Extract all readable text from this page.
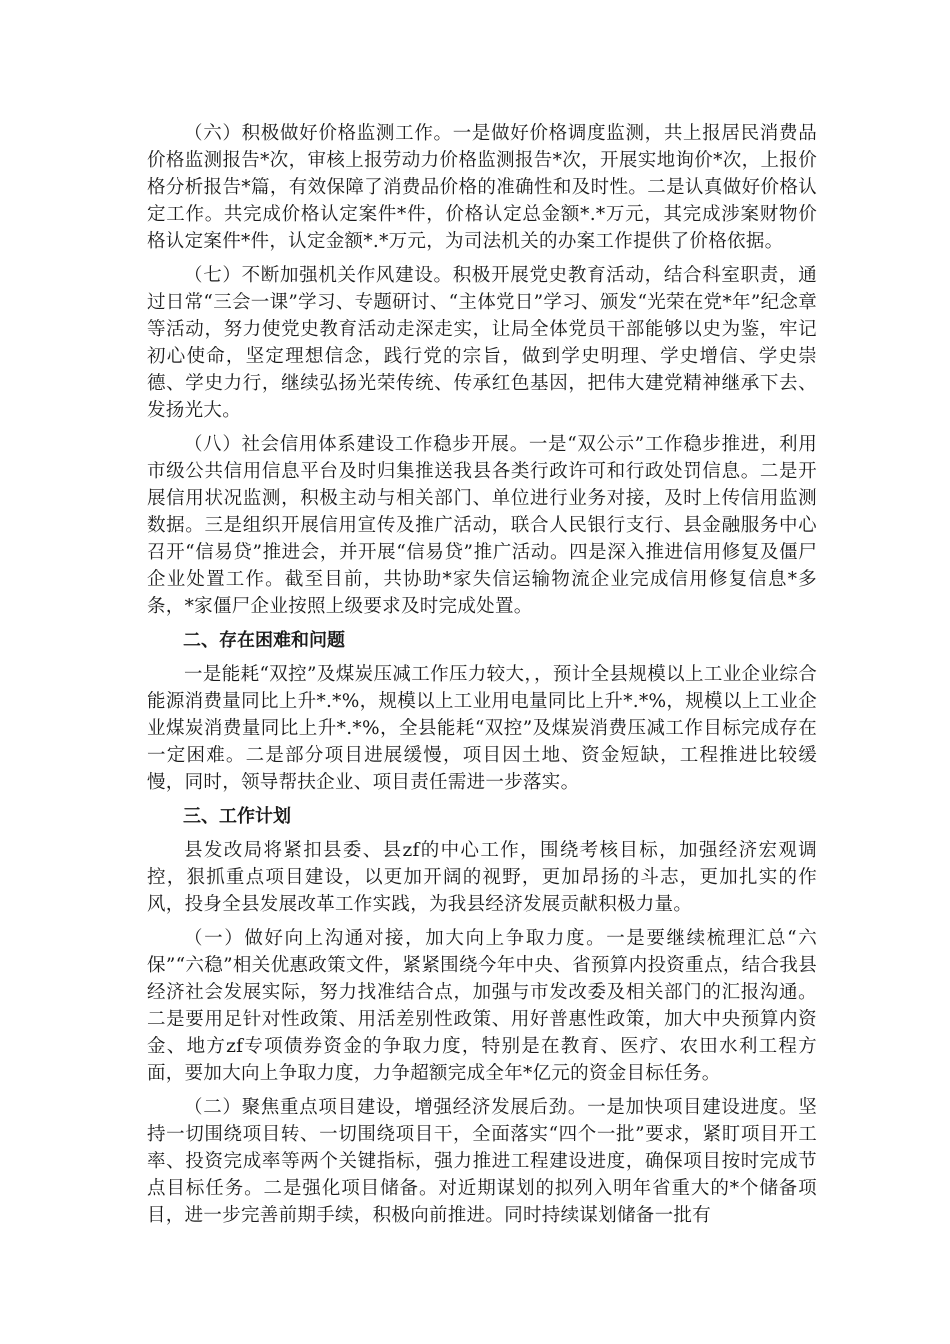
（六）积极做好价格监测工作。一是做好价格调度监测，共上报居民消费品价格监测报告*次，审核上报劳动力价格监测报告*次，开展实地询价*次，上报价格分析报告*篇，有效保障了消费品价格的准确性和及时性。二是认真做好价格认定工作。共完成价格认定案件*件，价格认定总金额*.*万元，其完成涉案财物价格认定案件*件，认定金额*.*万元，为司法机关的办案工作提供了价格依据。

（七）不断加强机关作风建设。积极开展党史教育活动，结合科室职责，通过日常“三会一课”学习、专题研讨、“主体党日”学习、颁发“光荣在党*年”纪念章等活动，努力使党史教育活动走深走实，让局全体党员干部能够以史为鉴，牢记初心使命，坚定理想信念，践行党的宗旨，做到学史明理、学史增信、学史崇德、学史力行，继续弘扬光荣传统、传承红色基因，把伟大建党精神继承下去、发扬光大。

（八）社会信用体系建设工作稳步开展。一是“双公示”工作稳步推进，利用市级公共信用信息平台及时归集推送我县各类行政许可和行政处罚信息。二是开展信用状况监测，积极主动与相关部门、单位进行业务对接，及时上传信用监测数据。三是组织开展信用宣传及推广活动，联合人民银行支行、县金融服务中心召开“信易贷”推进会，并开展“信易贷”推广活动。四是深入推进信用修复及僵尸企业处置工作。截至目前，共协助*家失信运输物流企业完成信用修复信息*多条，*家僵尸企业按照上级要求及时完成处置。

二、存在困难和问题

一是能耗“双控”及煤炭压减工作压力较大，，预计全县规模以上工业企业综合能源消费量同比上升*.*%，规模以上工业用电量同比上升*.*%，规模以上工业企业煤炭消费量同比上升*.*%，全县能耗“双控”及煤炭消费压减工作目标完成存在一定困难。二是部分项目进展缓慢，项目因土地、资金短缺，工程推进比较缓慢，同时，领导帮扶企业、项目责任需进一步落实。

三、工作计划

县发改局将紧扣县委、县zf的中心工作，围绕考核目标，加强经济宏观调控，狠抓重点项目建设，以更加开阔的视野，更加昂扬的斗志，更加扎实的作风，投身全县发展改革工作实践，为我县经济发展贡献积极力量。

（一）做好向上沟通对接，加大向上争取力度。一是要继续梳理汇总“六保”“六稳”相关优惠政策文件，紧紧围绕今年中央、省预算内投资重点，结合我县经济社会发展实际，努力找准结合点，加强与市发改委及相关部门的汇报沟通。二是要用足针对性政策、用活差别性政策、用好普惠性政策，加大中央预算内资金、地方zf专项债券资金的争取力度，特别是在教育、医疗、农田水利工程方面，要加大向上争取力度，力争超额完成全年*亿元的资金目标任务。

（二）聚焦重点项目建设，增强经济发展后劲。一是加快项目建设进度。坚持一切围绕项目转、一切围绕项目干，全面落实“四个一批”要求，紧盯项目开工率、投资完成率等两个关键指标，强力推进工程建设进度，确保项目按时完成节点目标任务。二是强化项目储备。对近期谋划的拟列入明年省重大的*个储备项目，进一步完善前期手续，积极向前推进。同时持续谋划储备一批有
